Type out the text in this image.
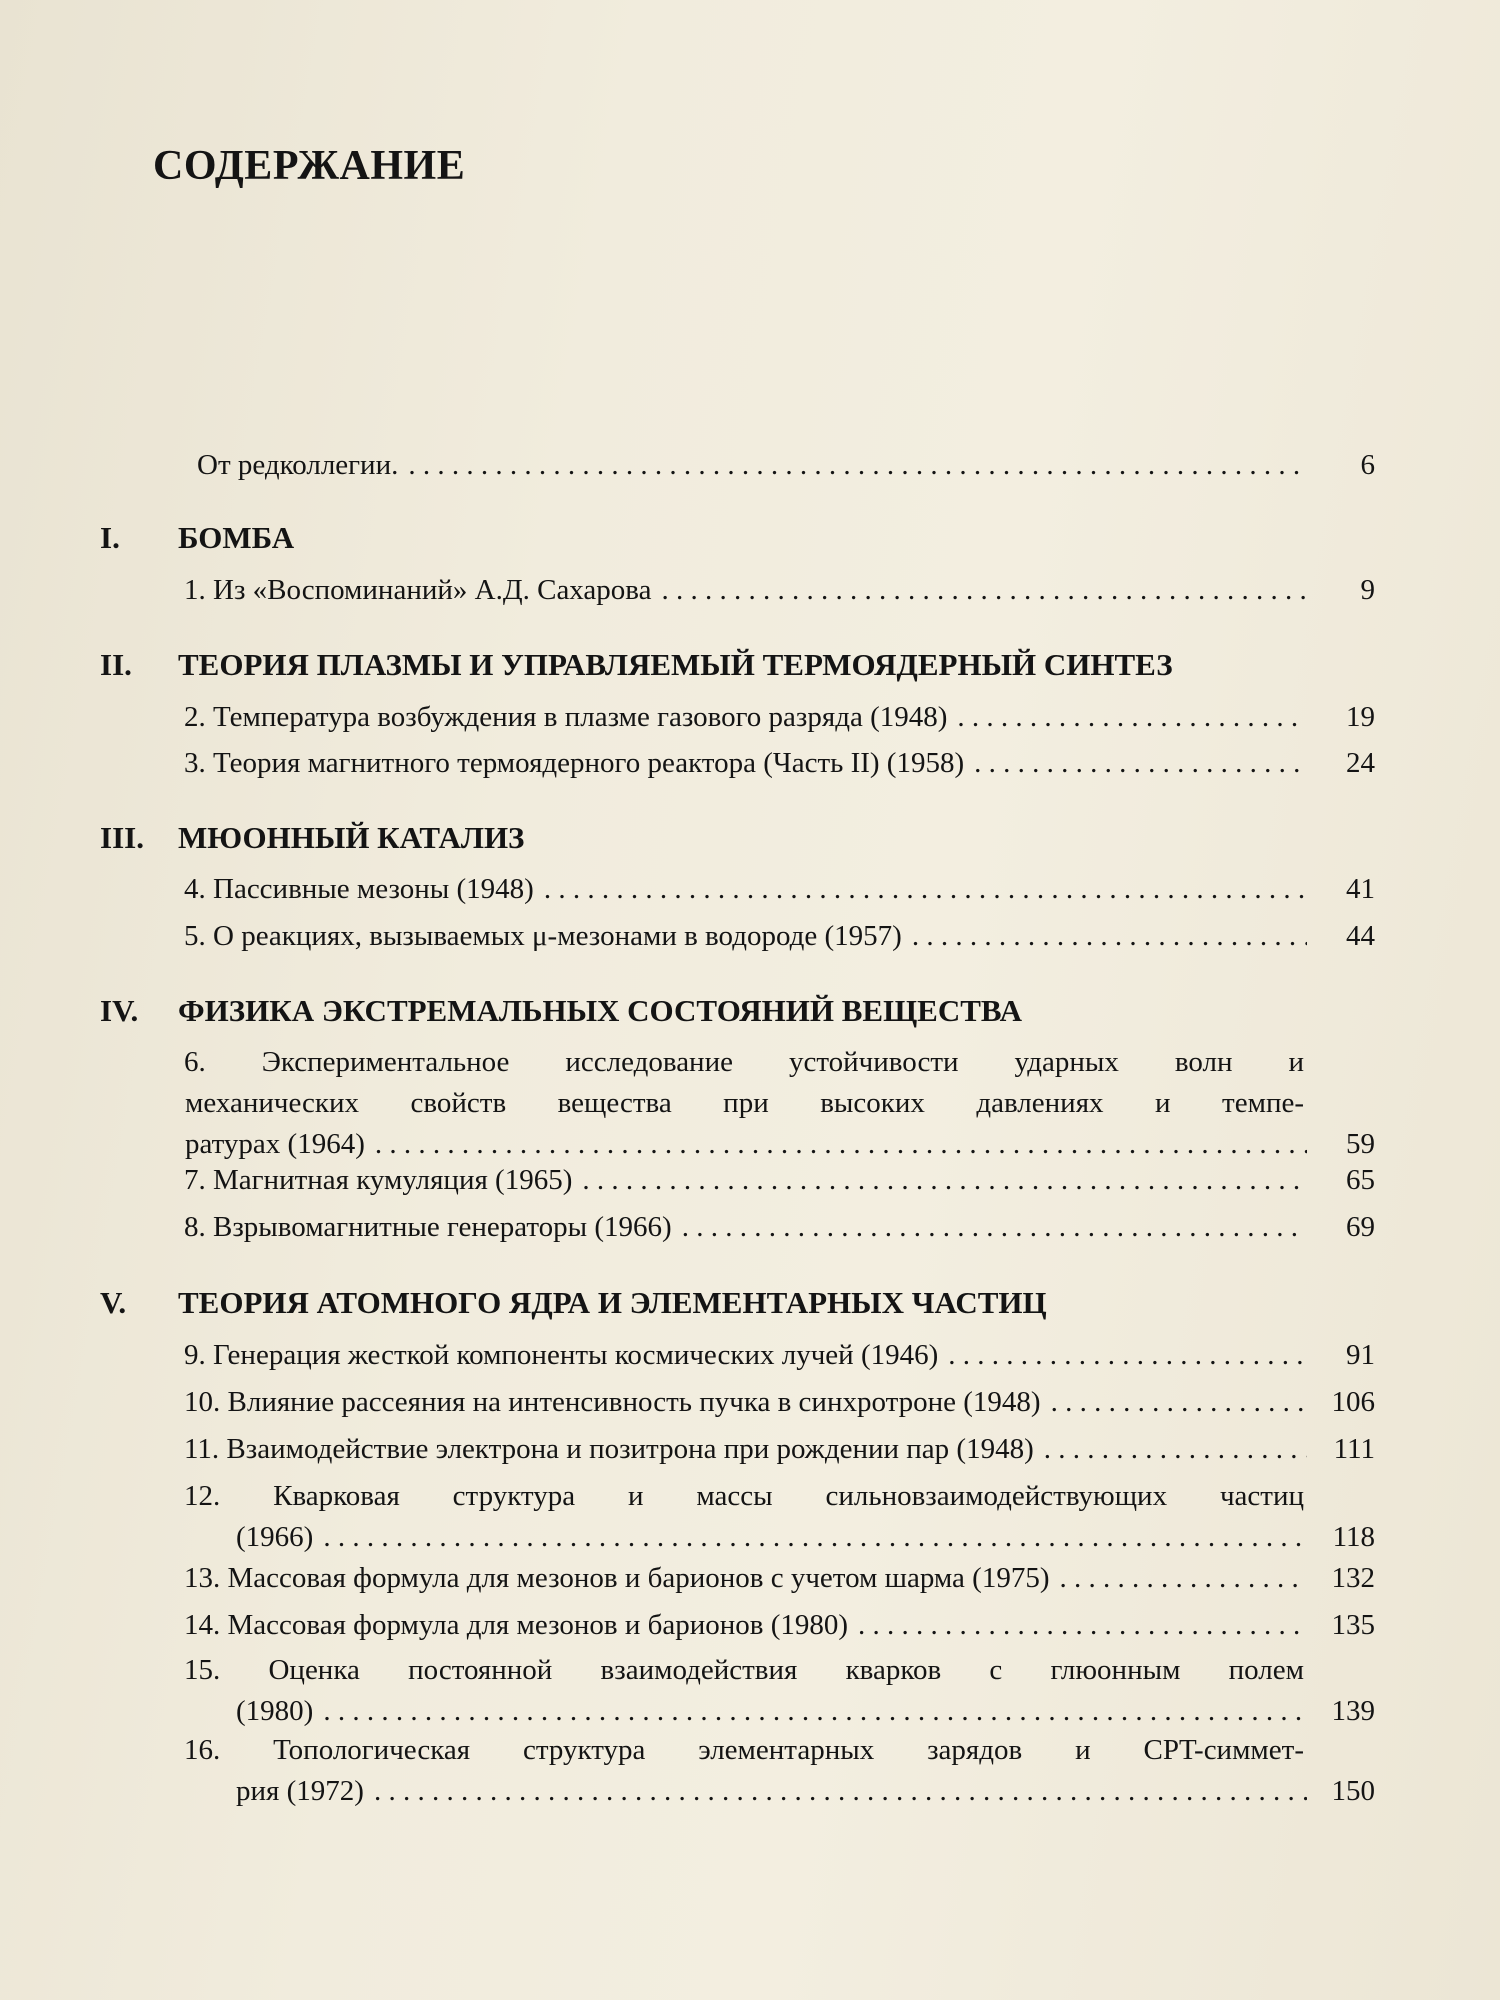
СОДЕРЖАНИЕ
От редколлегии. . . .	6
I. БОМБА
1. Из «Воспоминаний» А.Д. Сахарова . . .	9
II. ТЕОРИЯ ПЛАЗМЫ И УПРАВЛЯЕМЫЙ ТЕРМОЯДЕРНЫЙ СИНТЕЗ
2. Температура возбуждения в плазме газового разряда (1948) . . .	19
3. Теория магнитного термоядерного реактора (Часть II) (1958) . . .	24
III. МЮОННЫЙ КАТАЛИЗ
4. Пассивные мезоны (1948) . . .	41
5. О реакциях, вызываемых μ-мезонами в водороде (1957) . . .	44
IV. ФИЗИКА ЭКСТРЕМАЛЬНЫХ СОСТОЯНИЙ ВЕЩЕСТВА
6. Экспериментальное исследование устойчивости ударных волн и
механических свойств вещества при высоких давлениях и темпе-
ратурах (1964) . . .	59
7. Магнитная кумуляция (1965) . . .	65
8. Взрывомагнитные генераторы (1966) . . .	69
V. ТЕОРИЯ АТОМНОГО ЯДРА И ЭЛЕМЕНТАРНЫХ ЧАСТИЦ
9. Генерация жесткой компоненты космических лучей (1946) . . .	91
10. Влияние рассеяния на интенсивность пучка в синхротроне (1948) . . .	106
11. Взаимодействие электрона и позитрона при рождении пар (1948) . . .	111
12. Кварковая структура и массы сильновзаимодействующих частиц
(1966) . . .	118
13. Массовая формула для мезонов и барионов с учетом шарма (1975) . . .	132
14. Массовая формула для мезонов и барионов (1980) . . .	135
15. Оценка постоянной взаимодействия кварков с глюонным полем
(1980) . . .	139
16. Топологическая структура элементарных зарядов и CPT-симмет-
рия (1972) . . .	150
